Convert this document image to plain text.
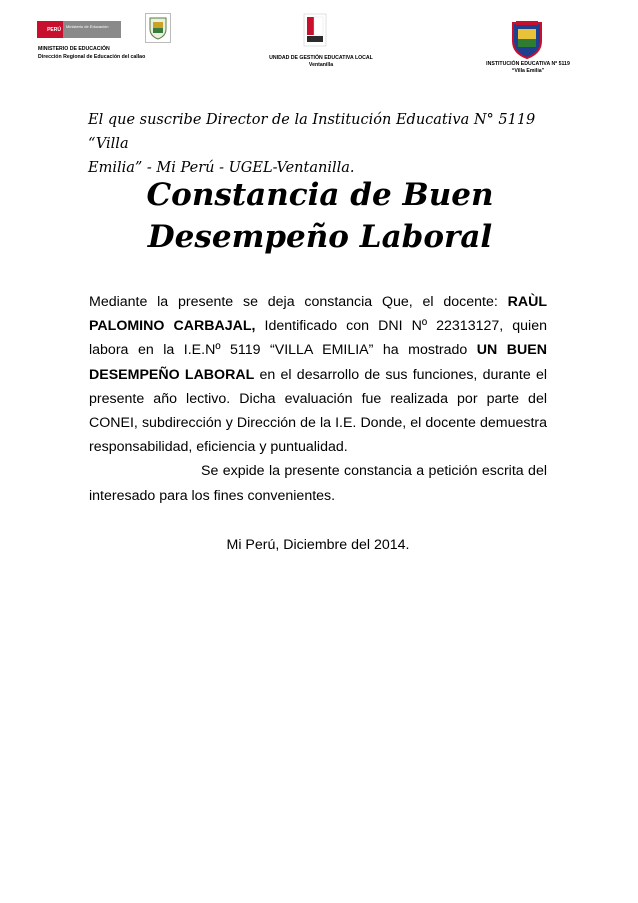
PERÚ	Ministerio de Educación
MINISTERIO DE EDUCACIÓN
Dirección Regional de Educación del callao	UNIDAD DE GESTIÓN EDUCATIVA LOCAL
Ventanilla	INSTITUCIÓN EDUCATIVA Nº 5119
“Villa Emilia”
El que suscribe Director de la Institución Educativa N° 5119 “Villa
Emilia” - Mi Perú - UGEL-Ventanilla.
Constancia de Buen
Desempeño Laboral

Mediante la presente se deja constancia Que, el docente: RAÙL PALOMINO CARBAJAL, Identificado con DNI Nº 22313127, quien labora en la I.E.Nº 5119 “VILLA EMILIA” ha mostrado UN BUEN DESEMPEÑO LABORAL en el desarrollo de sus funciones, durante el presente año lectivo. Dicha evaluación fue realizada por parte del CONEI, subdirección y Dirección de la I.E. Donde, el docente demuestra responsabilidad, eficiencia y puntualidad.

Se expide la presente constancia a petición escrita del interesado para los fines convenientes.

Mi Perú, Diciembre del 2014.
